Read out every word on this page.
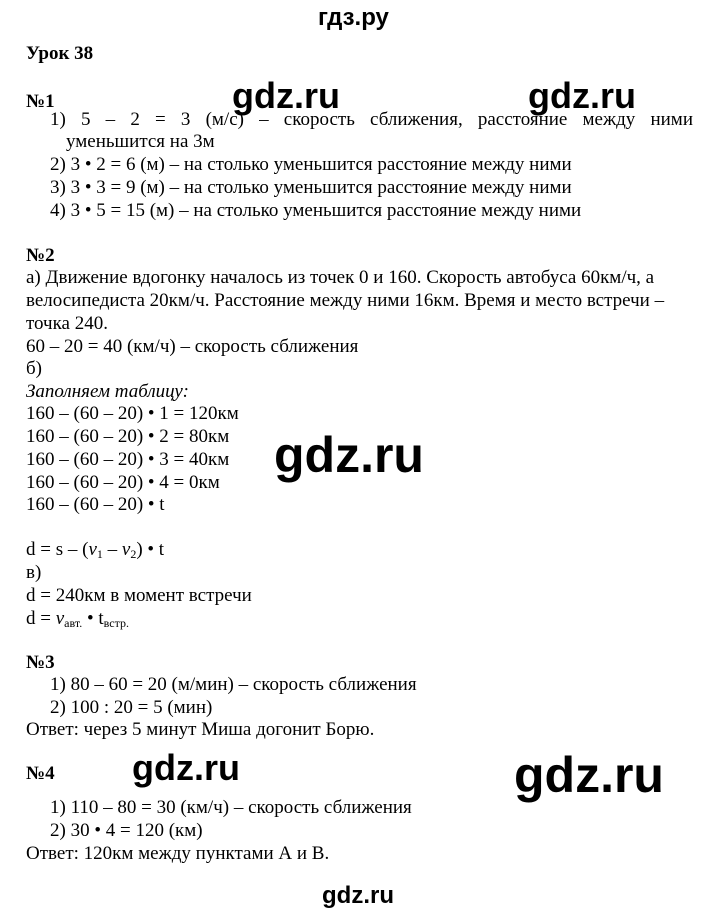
гдз.ру
gdz.ru	gdz.ru
gdz.ru
gdz.ru	gdz.ru
gdz.ru
Урок 38
№1
1) 5 – 2 = 3 (м/с) – скорость сближения, расстояние между ними
уменьшится на 3м
2) 3 • 2 = 6 (м) – на столько уменьшится расстояние между ними
3) 3 • 3 = 9 (м) – на столько уменьшится расстояние между ними
4) 3 • 5 = 15 (м) – на столько уменьшится расстояние между ними
№2
а) Движение вдогонку началось из точек 0 и 160. Скорость автобуса 60км/ч, а
велосипедиста 20км/ч. Расстояние между ними 16км. Время и место встречи –
точка 240.
60 – 20 = 40 (км/ч) – скорость сближения
б)
Заполняем таблицу:
160 – (60 – 20) • 1 = 120км
160 – (60 – 20) • 2 = 80км
160 – (60 – 20) • 3 = 40км
160 – (60 – 20) • 4 = 0км
160 – (60 – 20) • t
$d = s - (v_1 - v_2)$ • t
в)
d = 240км в момент встречи
$d = v_{авт.}$ • $t_{встр.}$
№3
1) 80 – 60 = 20 (м/мин) – скорость сближения
2) 100 : 20 = 5 (мин)
Ответ: через 5 минут Миша догонит Борю.
№4
1) 110 – 80 = 30 (км/ч) – скорость сближения
2) 30 • 4 = 120 (км)
Ответ: 120км между пунктами А и В.
